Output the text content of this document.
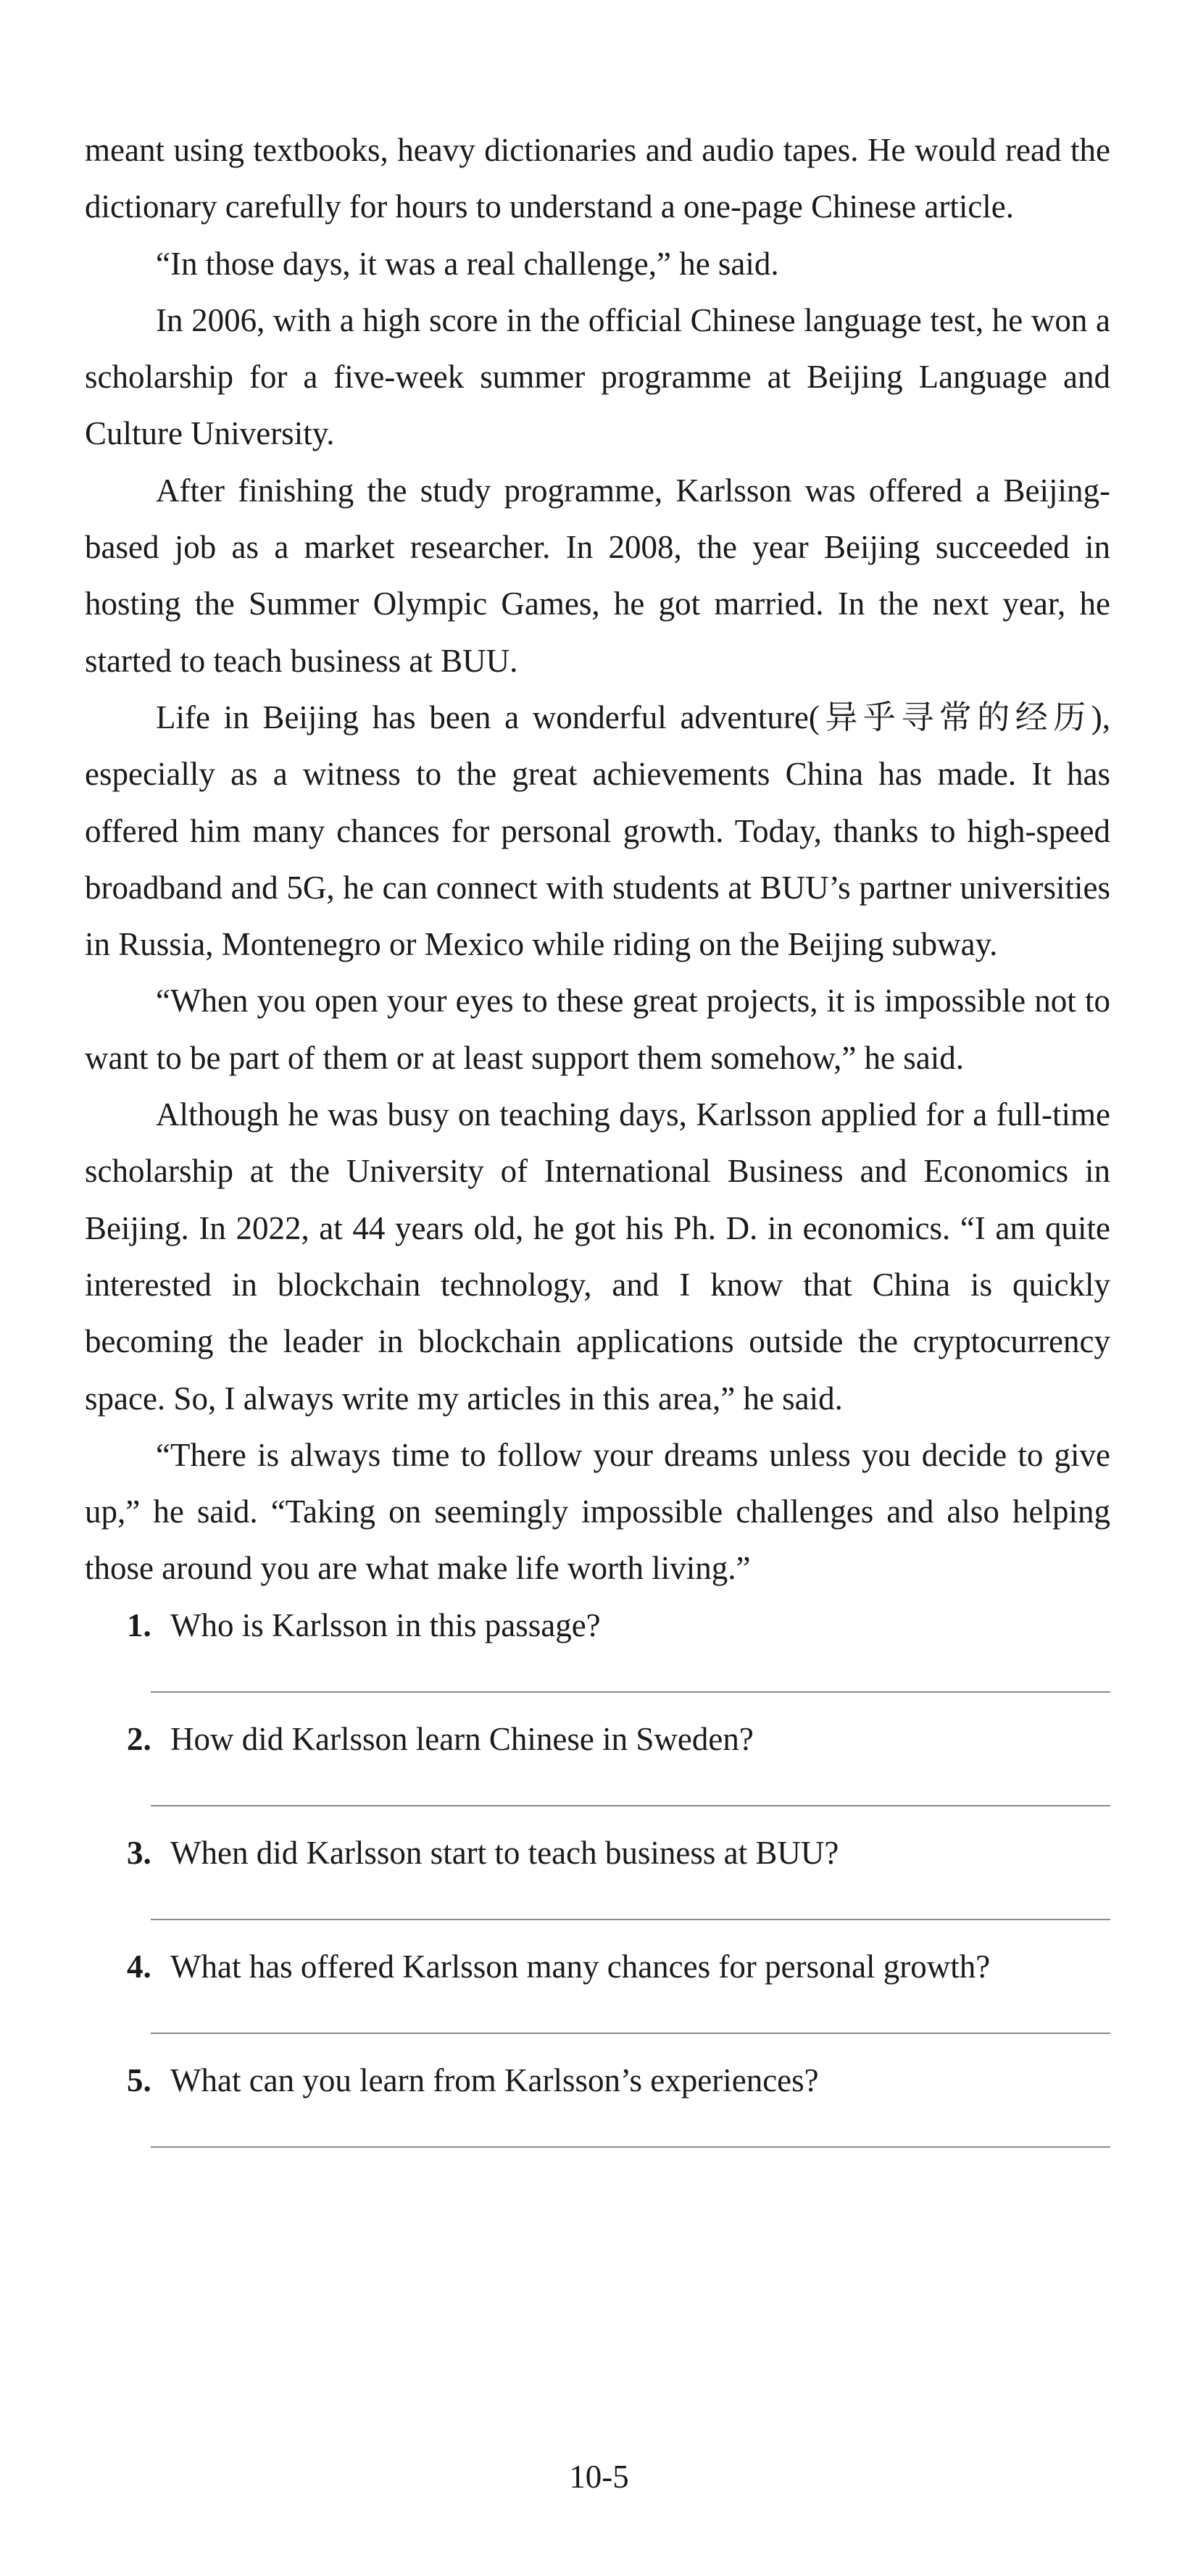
meant using textbooks, heavy dictionaries and audio tapes. He would read the dictionary carefully for hours to understand a one-page Chinese article.

“In those days, it was a real challenge,” he said.

In 2006, with a high score in the official Chinese language test, he won a scholarship for a five-week summer programme at Beijing Language and Culture University.

After finishing the study programme, Karlsson was offered a Beijing-based job as a market researcher. In 2008, the year Beijing succeeded in hosting the Summer Olympic Games, he got married. In the next year, he started to teach business at BUU.

Life in Beijing has been a wonderful adventure(异乎寻常的经历), especially as a witness to the great achievements China has made. It has offered him many chances for personal growth. Today, thanks to high-speed broadband and 5G, he can connect with students at BUU’s partner universities in Russia, Montenegro or Mexico while riding on the Beijing subway.

“When you open your eyes to these great projects, it is impossible not to want to be part of them or at least support them somehow,” he said.

Although he was busy on teaching days, Karlsson applied for a full-time scholarship at the University of International Business and Economics in Beijing. In 2022, at 44 years old, he got his Ph. D. in economics. “I am quite interested in blockchain technology, and I know that China is quickly becoming the leader in blockchain applications outside the cryptocurrency space. So, I always write my articles in this area,” he said.

“There is always time to follow your dreams unless you decide to give up,” he said. “Taking on seemingly impossible challenges and also helping those around you are what make life worth living.”

1. Who is Karlsson in this passage?
2. How did Karlsson learn Chinese in Sweden?
3. When did Karlsson start to teach business at BUU?
4. What has offered Karlsson many chances for personal growth?
5. What can you learn from Karlsson’s experiences?
10-5
